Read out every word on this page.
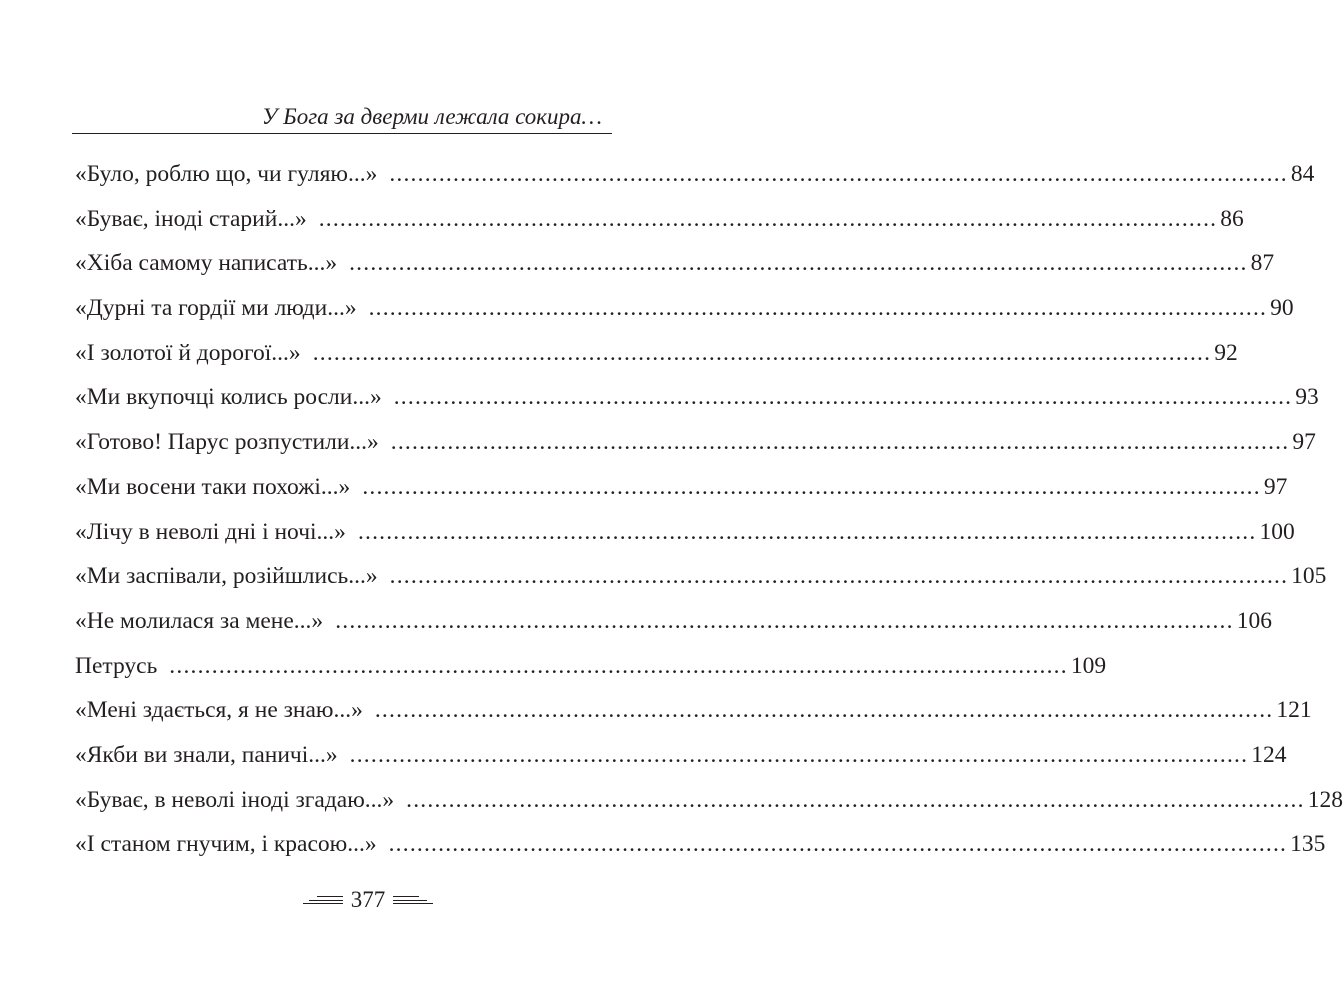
У Бога за дверми лежала сокира…
«Було, роблю що, чи гуляю...» ............................................................................................................................... 84
«Буває, іноді старий...» ............................................................................................................................... 86
«Хіба самому написать...» ............................................................................................................................... 87
«Дурні та гордії ми люди...» ............................................................................................................................... 90
«І золотої й дорогої...» ............................................................................................................................... 92
«Ми вкупочці колись росли...» ............................................................................................................................... 93
«Готово! Парус розпустили...» ............................................................................................................................... 97
«Ми восени таки похожі...» ............................................................................................................................... 97
«Лічу в неволі дні і ночі...» ............................................................................................................................... 100
«Ми заспівали, розійшлись...» ............................................................................................................................... 105
«Не молилася за мене...» ............................................................................................................................... 106
Петрусь ............................................................................................................................... 109
«Мені здається, я не знаю...» ............................................................................................................................... 121
«Якби ви знали, паничі...» ............................................................................................................................... 124
«Буває, в неволі іноді згадаю...» ............................................................................................................................... 128
«І станом гнучим, і красою...» ............................................................................................................................... 135
377
